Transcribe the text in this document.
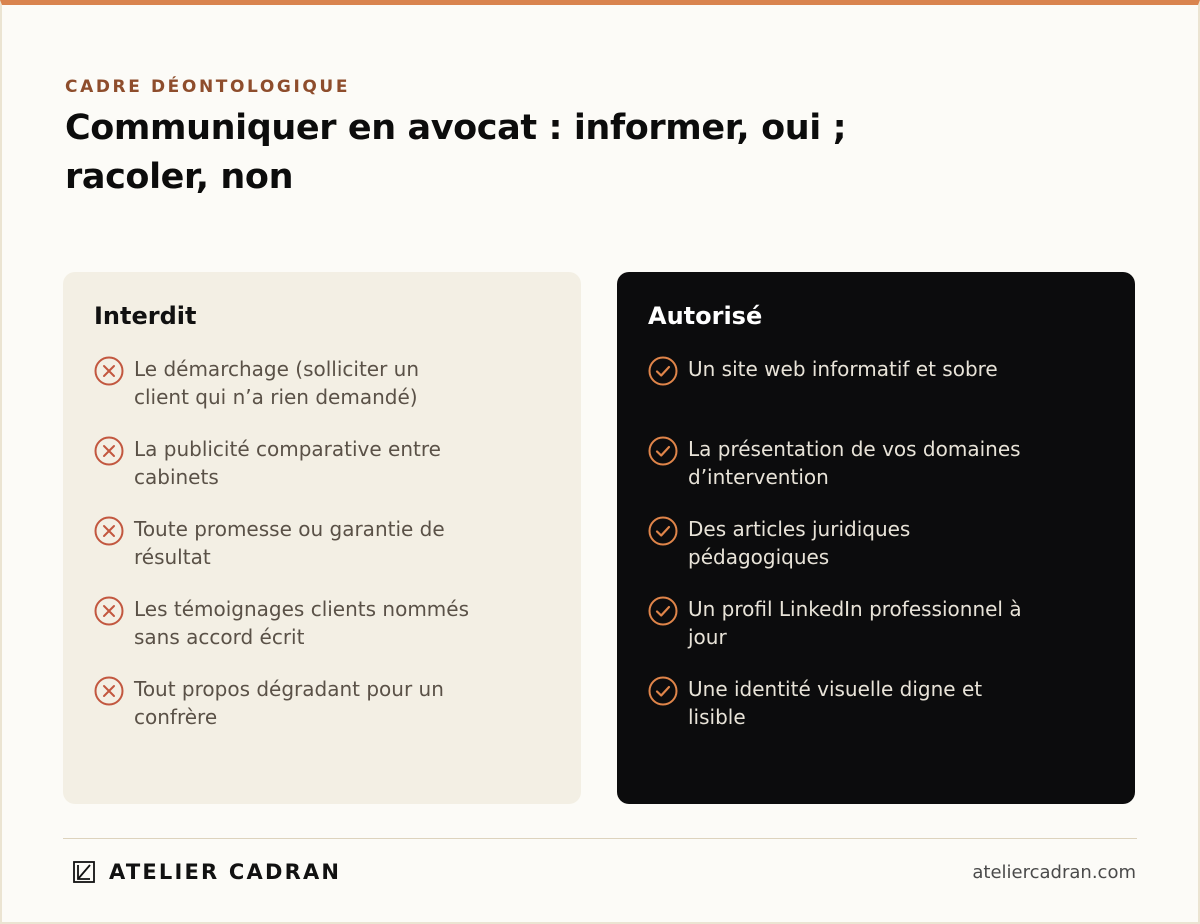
CADRE DÉONTOLOGIQUE
Communiquer en avocat : informer, oui ; racoler, non
Interdit
Le démarchage (solliciter un client qui n’a rien demandé)
La publicité comparative entre cabinets
Toute promesse ou garantie de résultat
Les témoignages clients nommés sans accord écrit
Tout propos dégradant pour un confrère
Autorisé
Un site web informatif et sobre
La présentation de vos domaines d’intervention
Des articles juridiques pédagogiques
Un profil LinkedIn professionnel à jour
Une identité visuelle digne et lisible
ATELIER CADRAN	ateliercadran.com
